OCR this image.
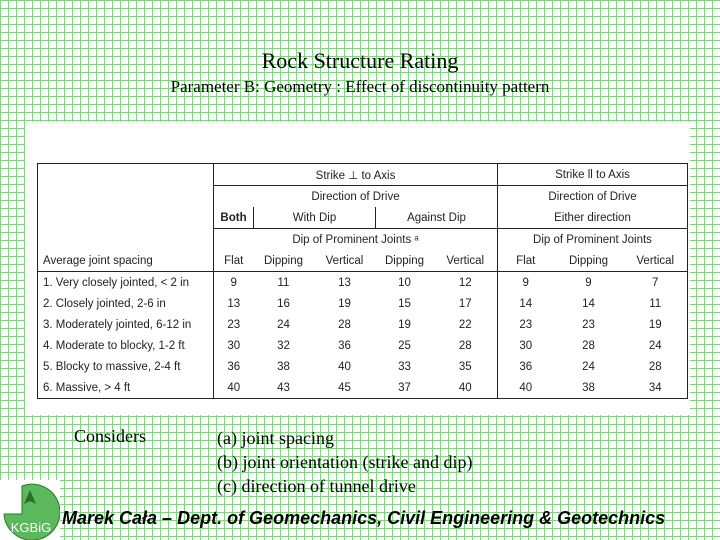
Rock Structure Rating
Parameter B: Geometry : Effect of discontinuity pattern
	Strike ⊥ to Axis					Strike ll to Axis		
	Direction of Drive					Direction of Drive		
	Both	With Dip		Against Dip		Either direction		
	Dip of Prominent Joints ᵃ					Dip of Prominent Joints		
Average joint spacing	Flat	Dipping	Vertical	Dipping	Vertical	Flat	Dipping	Vertical
1. Very closely jointed, < 2 in	9	11	13	10	12	9	9	7
2. Closely jointed, 2-6 in	13	16	19	15	17	14	14	11
3. Moderately jointed, 6-12 in	23	24	28	19	22	23	23	19
4. Moderate to blocky, 1-2 ft	30	32	36	25	28	30	28	24
5. Blocky to massive, 2-4 ft	36	38	40	33	35	36	24	28
6. Massive, > 4 ft	40	43	45	37	40	40	38	34
Considers	(a) joint spacing
(b) joint orientation (strike and dip)
(c) direction of tunnel drive
KGBiG Marek Cała – Dept. of Geomechanics, Civil Engineering & Geotechnics
